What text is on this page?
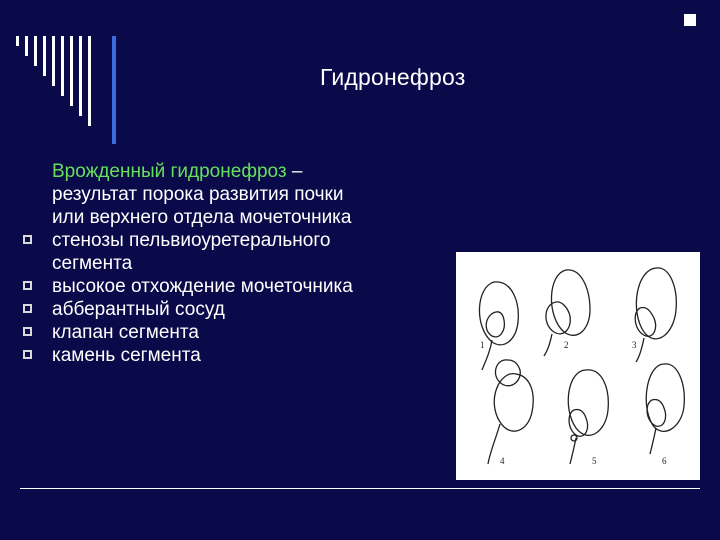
Гидронефроз
Врожденный гидронефроз –
результат порока развития почки
или верхнего отдела мочеточника
стенозы пельвиоуретерального
сегмента
высокое отхождение мочеточника
абберантный сосуд
клапан сегмента
камень сегмента	1	2	3
4	5	6
